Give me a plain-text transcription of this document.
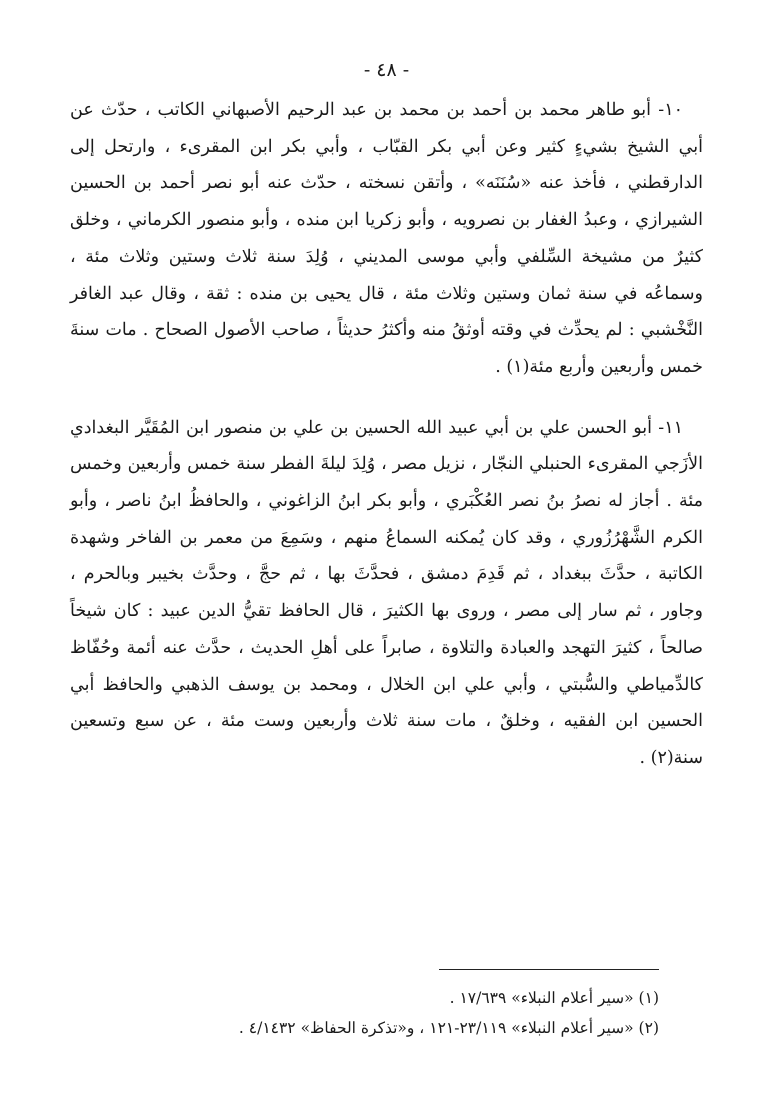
- ٤٨ -

١٠- أبو طاهر محمد بن أحمد بن محمد بن عبد الرحيم الأصبهاني الكاتب ، حدّث عن أبي الشيخ بشيءٍ كثير وعن أبي بكر القبّاب ، وأبي بكر ابن المقرىء ، وارتحل إلى الدارقطني ، فأخذ عنه «سُنَنَه» ، وأتقن نسخته ، حدّث عنه أبو نصر أحمد بن الحسين الشيرازي ، وعبدُ الغفار بن نصرويه ، وأبو زكريا ابن منده ، وأبو منصور الكرماني ، وخلق كثيرٌ من مشيخة السِّلفي وأبي موسى المديني ، وُلِدَ سنة ثلاث وستين وثلاث مئة ، وسماعُه في سنة ثمان وستين وثلاث مئة ، قال يحيى بن منده : ثقة ، وقال عبد الغافر النَّخْشبي : لم يحدِّث في وقته أوثقُ منه وأكثرُ حديثاً ، صاحب الأصول الصحاح . مات سنةَ خمس وأربعين وأربع مئة(١) .

١١- أبو الحسن علي بن أبي عبيد الله الحسين بن علي بن منصور ابن المُقَيَّر البغدادي الأزَجي المقرىء الحنبلي النجّار ، نزيل مصر ، وُلِدَ ليلةَ الفطر سنة خمس وأربعين وخمس مئة . أجاز له نصرُ بنُ نصر العُكْبَري ، وأبو بكر ابنُ الزاغوني ، والحافظُ ابنُ ناصر ، وأبو الكرم الشَّهْرُزُوري ، وقد كان يُمكنه السماعُ منهم ، وسَمِعَ من معمر بن الفاخر وشهدة الكاتبة ، حدَّثَ ببغداد ، ثم قَدِمَ دمشق ، فحدَّثَ بها ، ثم حجَّ ، وحدَّث بخيبر وبالحرم ، وجاور ، ثم سار إلى مصر ، وروى بها الكثيرَ ، قال الحافظ تقيُّ الدين عبيد : كان شيخاً صالحاً ، كثيرَ التهجد والعبادة والتلاوة ، صابراً على أهلِ الحديث ، حدَّث عنه أئمة وحُفّاظ كالدِّمياطي والسُّبتي ، وأبي علي ابن الخلال ، ومحمد بن يوسف الذهبي والحافظ أبي الحسين ابن الفقيه ، وخلقٌ ، مات سنة ثلاث وأربعين وست مئة ، عن سبع وتسعين سنة(٢) .

(١) «سير أعلام النبلاء» ١٧/٦٣٩ .
(٢) «سير أعلام النبلاء» ٢٣/١١٩-١٢١ ، و«تذكرة الحفاظ» ٤/١٤٣٢ .
